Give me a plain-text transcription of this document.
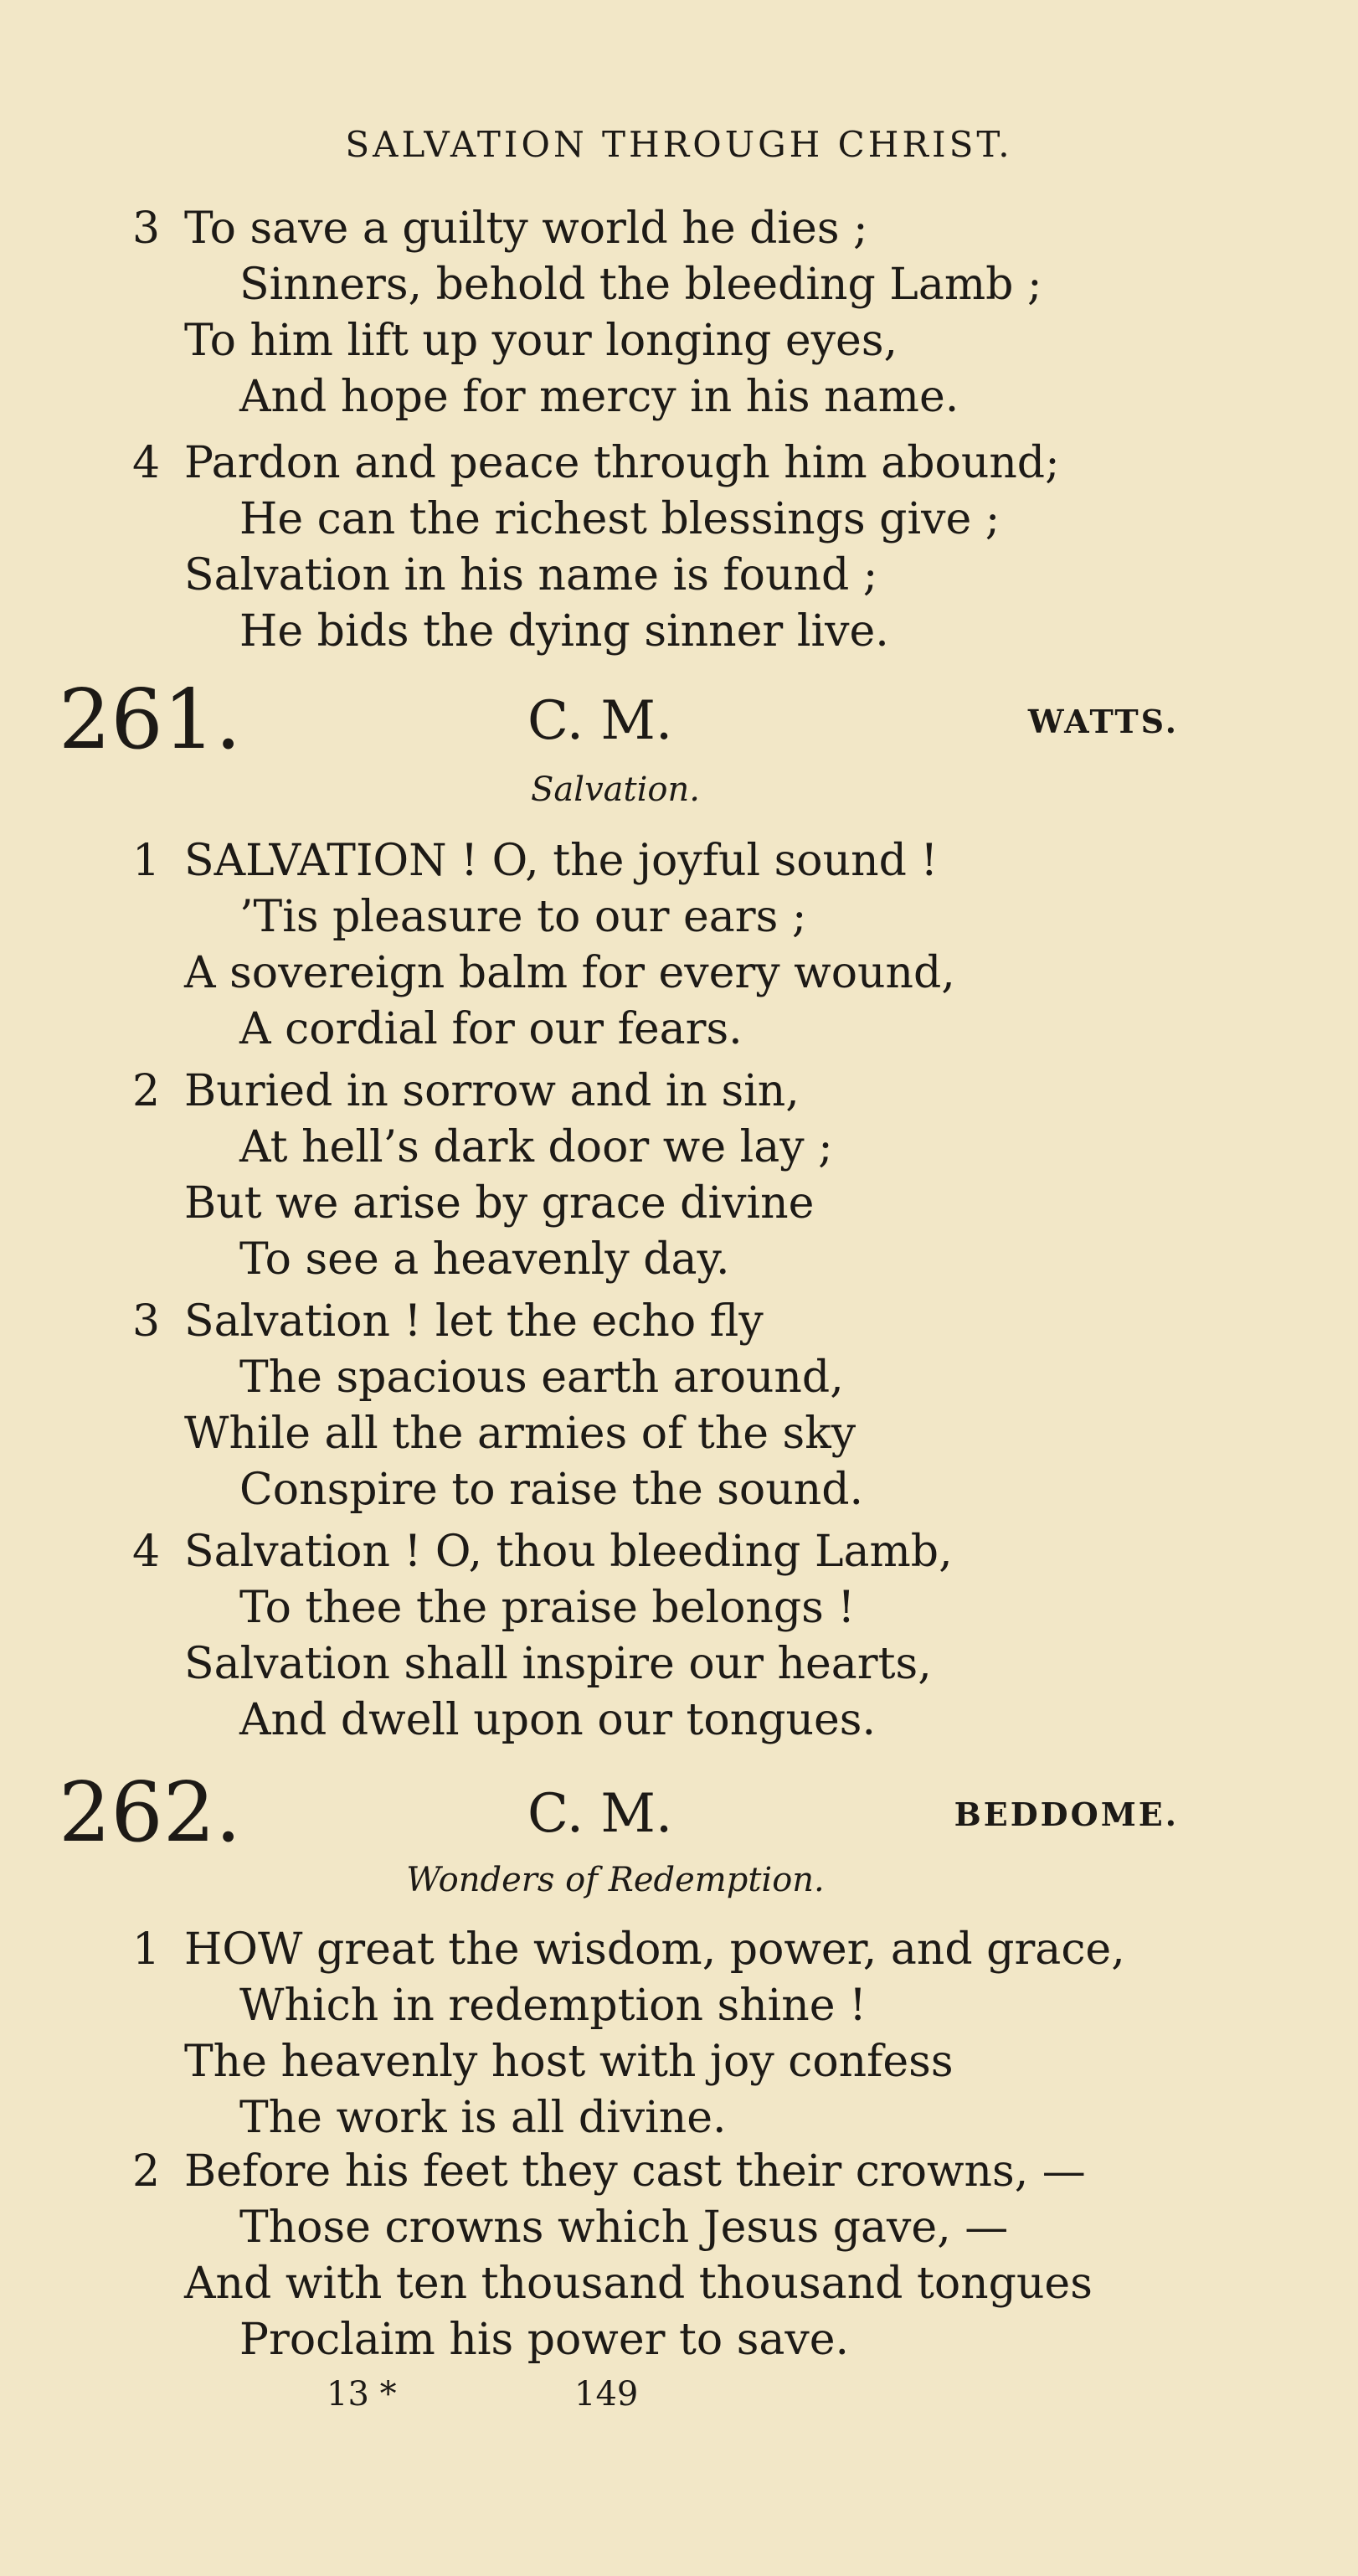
SALVATION THROUGH CHRIST.
3 To save a guilty world he dies ;
Sinners, behold the bleeding Lamb ;
To him lift up your longing eyes,
And hope for mercy in his name.
4 Pardon and peace through him abound;
He can the richest blessings give ;
Salvation in his name is found ;
He bids the dying sinner live.
261.	C. M.	WATTS.
Salvation.
1 SALVATION ! O, the joyful sound !
’Tis pleasure to our ears ;
A sovereign balm for every wound,
A cordial for our fears.
2 Buried in sorrow and in sin,
At hell’s dark door we lay ;
But we arise by grace divine
To see a heavenly day.
3 Salvation ! let the echo fly
The spacious earth around,
While all the armies of the sky
Conspire to raise the sound.
4 Salvation ! O, thou bleeding Lamb,
To thee the praise belongs !
Salvation shall inspire our hearts,
And dwell upon our tongues.
262.	C. M.	BEDDOME.
Wonders of Redemption.
1 HOW great the wisdom, power, and grace,
Which in redemption shine !
The heavenly host with joy confess
The work is all divine.
2 Before his feet they cast their crowns, —
Those crowns which Jesus gave, —
And with ten thousand thousand tongues
Proclaim his power to save.
13 *	149
